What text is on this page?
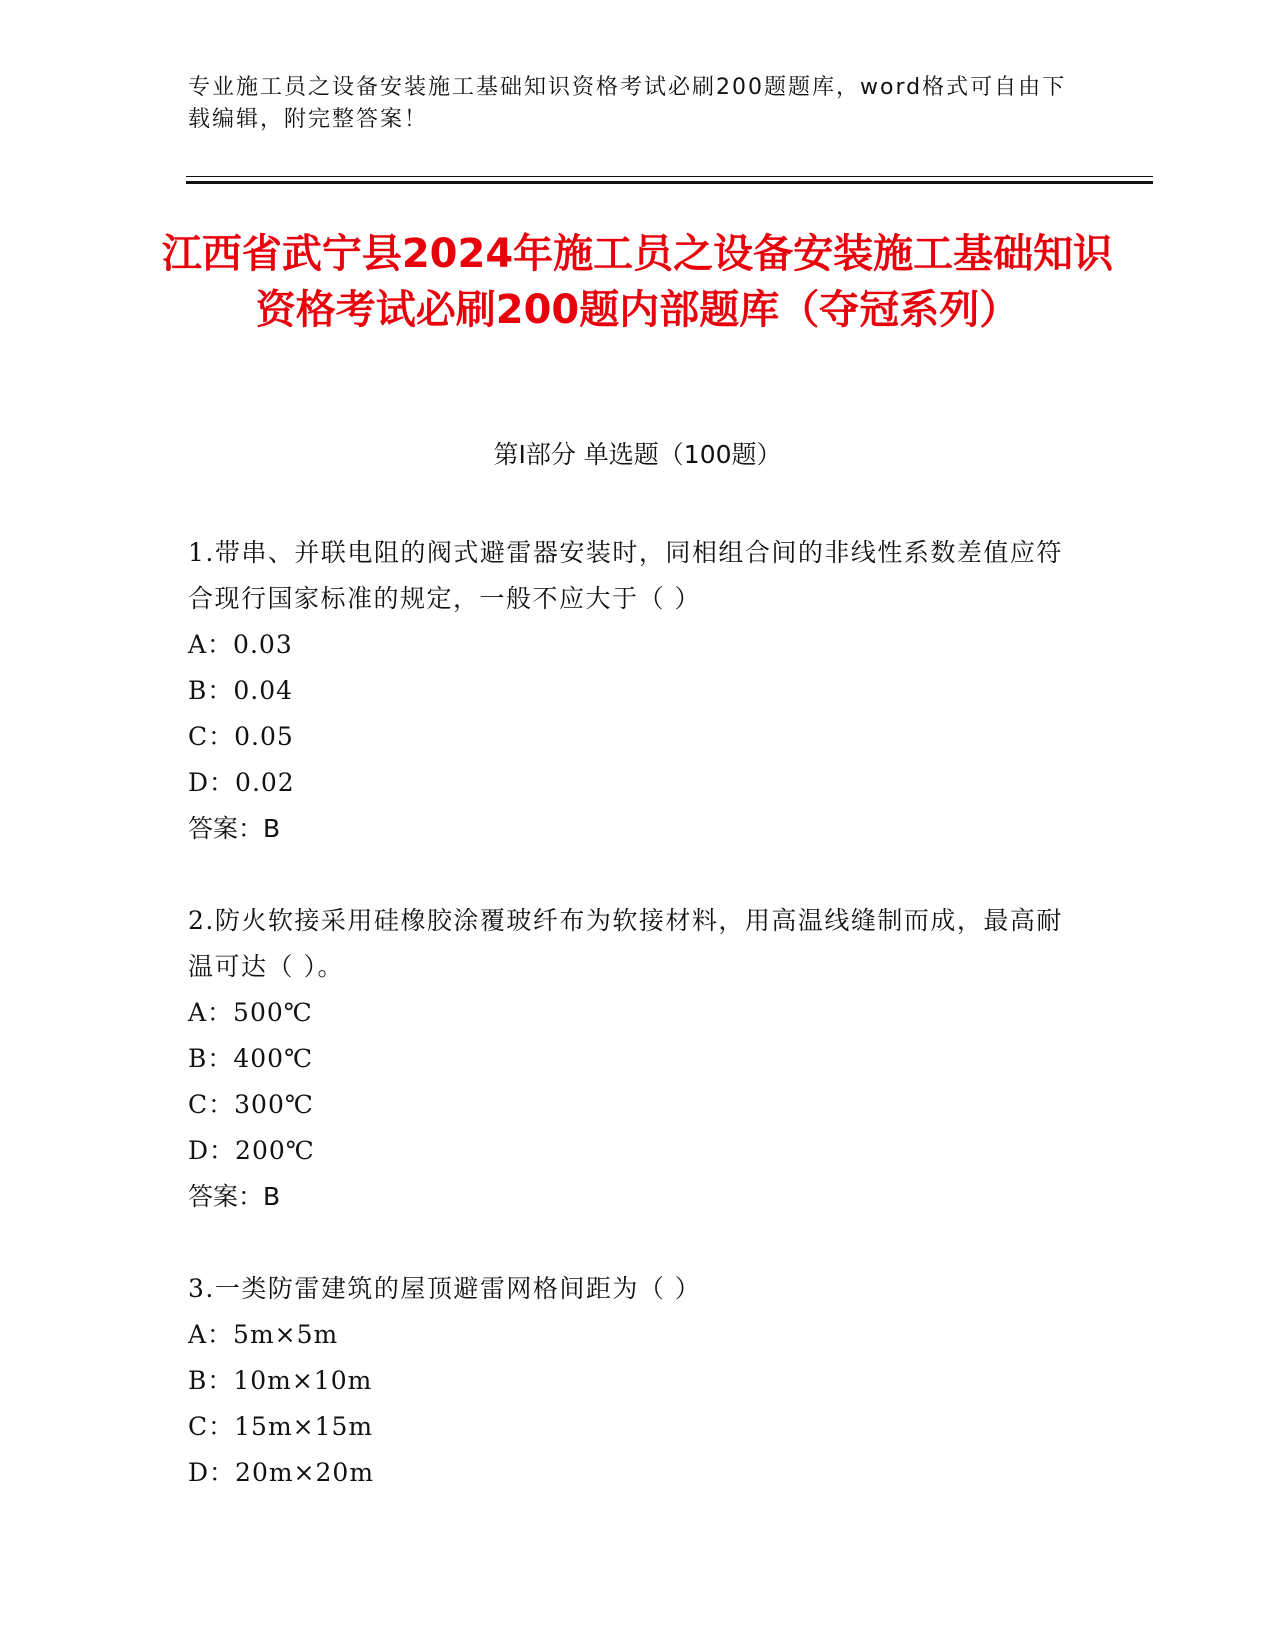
专业施工员之设备安装施工基础知识资格考试必刷200题题库，word格式可自由下载编辑，附完整答案！
江西省武宁县2024年施工员之设备安装施工基础知识资格考试必刷200题内部题库（夺冠系列）
第Ⅰ部分 单选题（100题）
1.带串、并联电阻的阀式避雷器安装时，同相组合间的非线性系数差值应符合现行国家标准的规定，一般不应大于（ ）
A：0.03
B：0.04
C：0.05
D：0.02
答案：B
2.防火软接采用硅橡胶涂覆玻纤布为软接材料，用高温线缝制而成，最高耐温可达（ ）。
A：500℃
B：400℃
C：300℃
D：200℃
答案：B
3.一类防雷建筑的屋顶避雷网格间距为（ ）
A：5m×5m
B：10m×10m
C：15m×15m
D：20m×20m
